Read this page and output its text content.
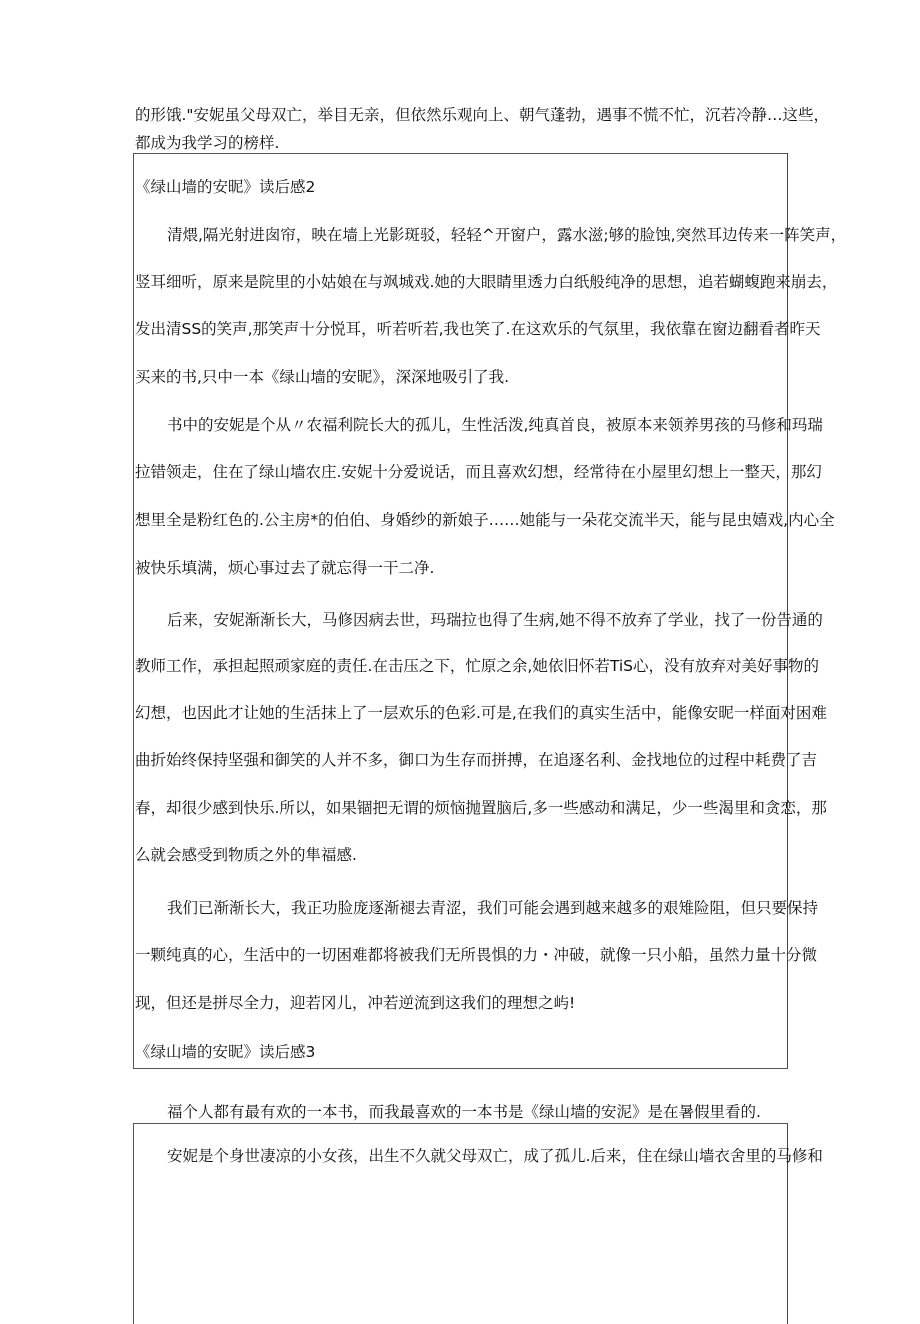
的形饿."安妮虽父母双亡，举目无亲，但依然乐观向上、朝气蓬勃，遇事不慌不忙，沉若冷静…这些，
都成为我学习的榜样.
《绿山墙的安昵》读后感2
清煨,隔光射进囱帘，映在墙上光影斑驳，轻轻^开窗户，露水滋;够的脸蚀,突然耳边传来一阵笑声，
竖耳细听，原来是院里的小姑娘在与飒城戏.她的大眼睛里透力白纸般纯净的思想，追若蝴蝮跑来崩去，
发出清SS的笑声,那笑声十分悦耳，听若听若,我也笑了.在这欢乐的气氛里，我依靠在窗边翻看者昨天
买来的书,只中一本《绿山墙的安昵》，深深地吸引了我.
书中的安妮是个从〃农福利院长大的孤儿，生性活泼,纯真首良，被原本来领养男孩的马修和玛瑞
拉错领走，住在了绿山墙农庄.安妮十分爱说话，而且喜欢幻想，经常待在小屋里幻想上一整天，那幻
想里全是粉红色的.公主房*的伯伯、身婚纱的新娘子……她能与一朵花交流半天，能与昆虫嬉戏,内心全
被快乐填满，烦心事过去了就忘得一干二净.
后来，安妮渐渐长大，马修因病去世，玛瑞拉也得了生病,她不得不放弃了学业，找了一份告通的
教师工作，承担起照顽家庭的责任.在击压之下，忙原之余,她依旧怀若TiS心，没有放弃对美好事物的
幻想，也因此才让她的生活抹上了一层欢乐的色彩.可是,在我们的真实生活中，能像安昵一样面对困难
曲折始终保持坚强和御笑的人并不多，御口为生存而拼搏，在追逐名利、金找地位的过程中耗费了吉
春，却很少感到快乐.所以，如果锢把无谓的烦恼抛置脑后,多一些感动和满足，少一些渴里和贪恋，那
么就会感受到物质之外的隼福感.
我们已渐渐长大，我正功脸庞逐渐褪去青涩，我们可能会遇到越来越多的艰雉险阻，但只要保持
一颗纯真的心，生活中的一切困难都将被我们无所畏惧的力・冲破，就像一只小船，虽然力量十分微
现，但还是拼尽全力，迎若冈儿，冲若逆流到这我们的理想之屿!
《绿山墙的安昵》读后感3
福个人都有最有欢的一本书，而我最喜欢的一本书是《绿山墙的安泥》是在暑假里看的.
安妮是个身世凄凉的小女孩，出生不久就父母双亡，成了孤儿.后来，住在绿山墙衣舍里的马修和
